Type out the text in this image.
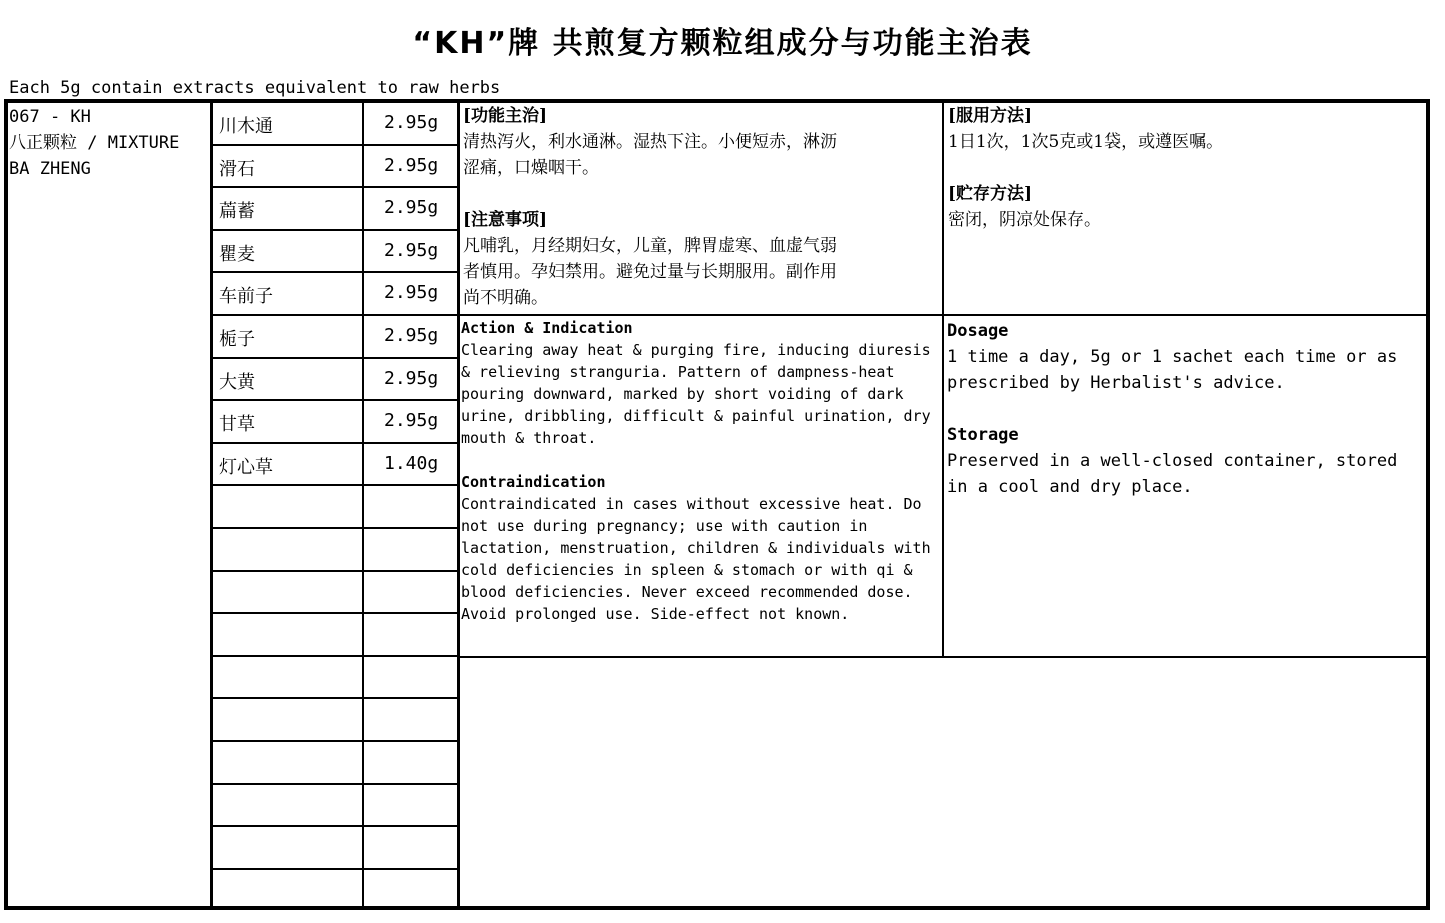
“KH”牌 共煎复方颗粒组成分与功能主治表
Each 5g contain extracts equivalent to raw herbs
067 - KH
八正颗粒 / MIXTURE
BA ZHENG
川木通	2.95g
滑石	2.95g
萹蓄	2.95g
瞿麦	2.95g
车前子	2.95g
栀子	2.95g
大黄	2.95g
甘草	2.95g
灯心草	1.40g
[功能主治]

清热泻火，利水通淋。湿热下注。小便短赤，淋沥

涩痛，口燥咽干。

[注意事项]

凡哺乳，月经期妇女，儿童，脾胃虚寒、血虚气弱

者慎用。孕妇禁用。避免过量与长期服用。副作用

尚不明确。

[服用方法]

1日1次，1次5克或1袋，或遵医嘱。

[贮存方法]

密闭，阴凉处保存。

Action & Indication

Clearing away heat & purging fire, inducing diuresis

& relieving stranguria. Pattern of dampness-heat

pouring downward, marked by short voiding of dark

urine, dribbling, difficult & painful urination, dry

mouth & throat.

Contraindication

Contraindicated in cases without excessive heat. Do

not use during pregnancy; use with caution in

lactation, menstruation, children & individuals with

cold deficiencies in spleen & stomach or with qi &

blood deficiencies. Never exceed recommended dose.

Avoid prolonged use. Side-effect not known.

Dosage

1 time a day, 5g or 1 sachet each time or as

prescribed by Herbalist's advice.

Storage

Preserved in a well-closed container, stored

in a cool and dry place.
